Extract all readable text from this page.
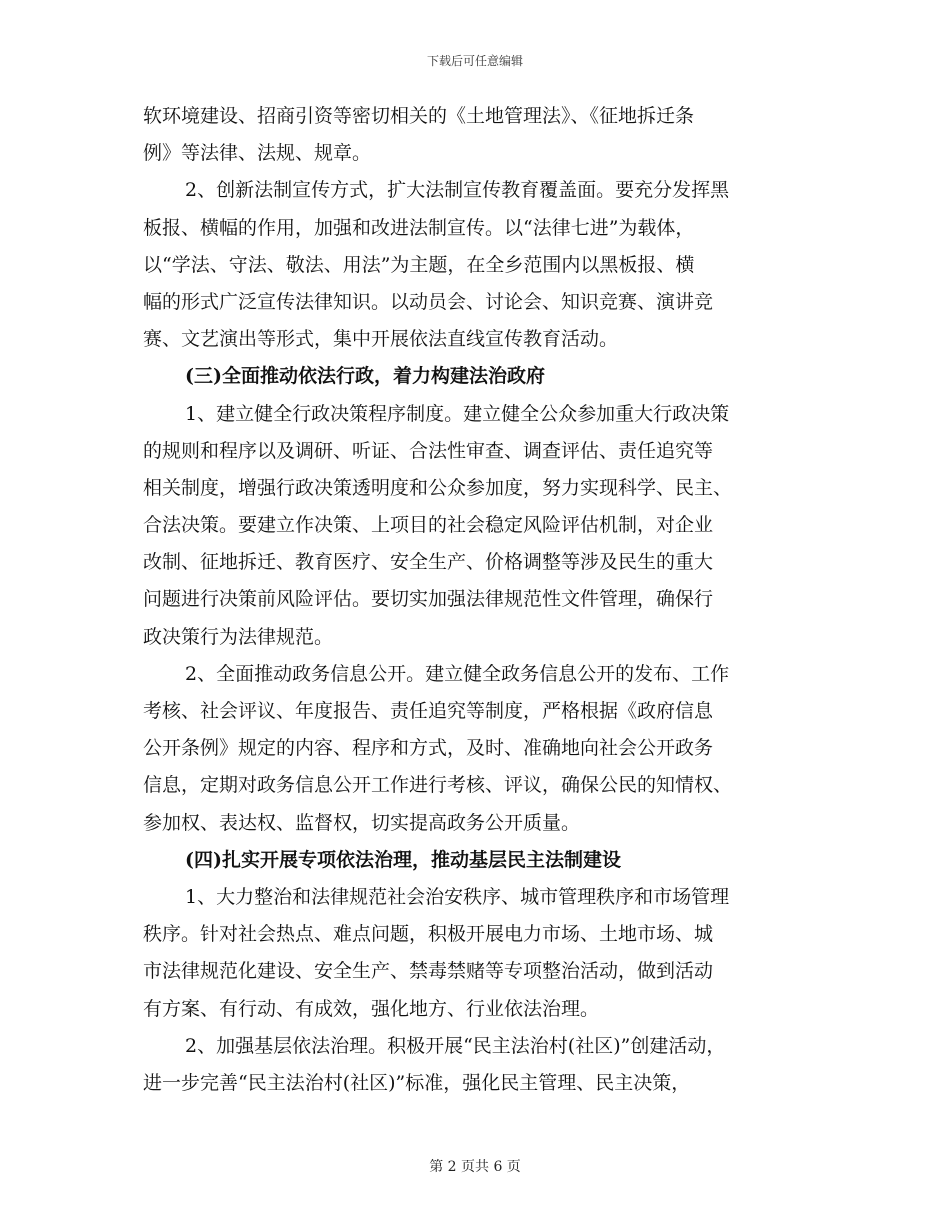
下载后可任意编辑
软环境建设、招商引资等密切相关的《土地管理法》、《征地拆迁条
例》等法律、法规、规章。
2、创新法制宣传方式，扩大法制宣传教育覆盖面。要充分发挥黑
板报、横幅的作用，加强和改进法制宣传。以“法律七进”为载体，
以“学法、守法、敬法、用法”为主题，在全乡范围内以黑板报、横
幅的形式广泛宣传法律知识。以动员会、讨论会、知识竞赛、演讲竞
赛、文艺演出等形式，集中开展依法直线宣传教育活动。
(三)全面推动依法行政，着力构建法治政府
1、建立健全行政决策程序制度。建立健全公众参加重大行政决策
的规则和程序以及调研、听证、合法性审查、调查评估、责任追究等
相关制度，增强行政决策透明度和公众参加度，努力实现科学、民主、
合法决策。要建立作决策、上项目的社会稳定风险评估机制，对企业
改制、征地拆迁、教育医疗、安全生产、价格调整等涉及民生的重大
问题进行决策前风险评估。要切实加强法律规范性文件管理，确保行
政决策行为法律规范。
2、全面推动政务信息公开。建立健全政务信息公开的发布、工作
考核、社会评议、年度报告、责任追究等制度，严格根据《政府信息
公开条例》规定的内容、程序和方式，及时、准确地向社会公开政务
信息，定期对政务信息公开工作进行考核、评议，确保公民的知情权、
参加权、表达权、监督权，切实提高政务公开质量。
(四)扎实开展专项依法治理，推动基层民主法制建设
1、大力整治和法律规范社会治安秩序、城市管理秩序和市场管理
秩序。针对社会热点、难点问题，积极开展电力市场、土地市场、城
市法律规范化建设、安全生产、禁毒禁赌等专项整治活动，做到活动
有方案、有行动、有成效，强化地方、行业依法治理。
2、加强基层依法治理。积极开展“民主法治村(社区)”创建活动，
进一步完善“民主法治村(社区)”标准，强化民主管理、民主决策，
第 2 页共 6 页
